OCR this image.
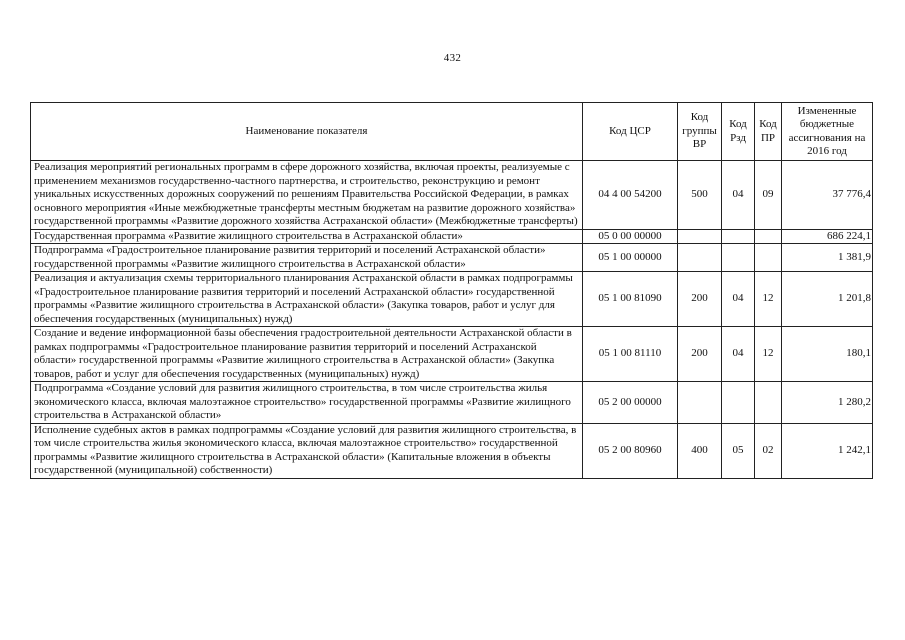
432
Наименование показателя	Код ЦСР	Код группы ВР	Код Рзд	Код ПР	Измененные бюджетные ассигнования на 2016 год
Реализация мероприятий региональных программ в сфере дорожного хозяйства, включая проекты, реализуемые с применением механизмов государственно-частного партнерства, и строительство, реконструкцию и ремонт уникальных искусственных дорожных сооружений по решениям Правительства Российской Федерации, в рамках основного мероприятия «Иные межбюджетные трансферты местным бюджетам на развитие дорожного хозяйства» государственной программы «Развитие дорожного хозяйства Астраханской области» (Межбюджетные трансферты)	04 4 00 54200	500	04	09	37 776,4
Государственная программа «Развитие жилищного строительства в Астраханской области»	05 0 00 00000				686 224,1
Подпрограмма «Градостроительное планирование развития территорий и поселений Астраханской области» государственной программы «Развитие жилищного строительства в Астраханской области»	05 1 00 00000				1 381,9
Реализация и актуализация схемы территориального планирования Астраханской области в рамках подпрограммы «Градостроительное планирование развития территорий и поселений Астраханской области» государственной программы «Развитие жилищного строительства в Астраханской области» (Закупка товаров, работ и услуг для обеспечения государственных (муниципальных) нужд)	05 1 00 81090	200	04	12	1 201,8
Создание и ведение информационной базы обеспечения градостроительной деятельности Астраханской области в рамках подпрограммы «Градостроительное планирование развития территорий и поселений Астраханской области» государственной программы «Развитие жилищного строительства в Астраханской области» (Закупка товаров, работ и услуг для обеспечения государственных (муниципальных) нужд)	05 1 00 81110	200	04	12	180,1
Подпрограмма «Создание условий для развития жилищного строительства, в том числе строительства жилья экономического класса, включая малоэтажное строительство» государственной программы «Развитие жилищного строительства в Астраханской области»	05 2 00 00000				1 280,2
Исполнение судебных актов в рамках подпрограммы «Создание условий для развития жилищного строительства, в том числе строительства жилья экономического класса, включая малоэтажное строительство» государственной программы «Развитие жилищного строительства в Астраханской области» (Капитальные вложения в объекты государственной (муниципальной) собственности)	05 2 00 80960	400	05	02	1 242,1
